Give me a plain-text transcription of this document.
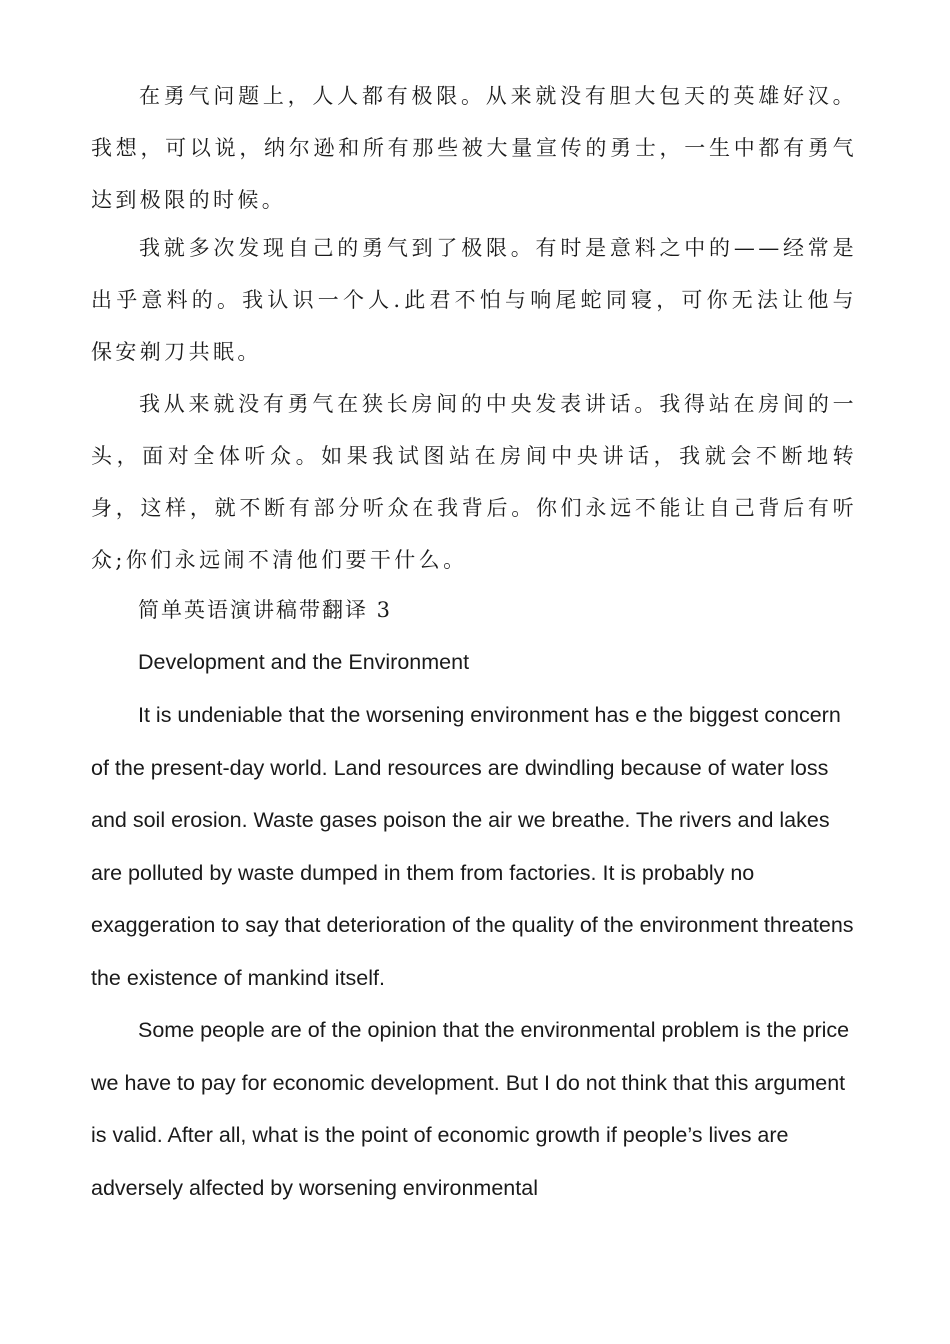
在勇气问题上，人人都有极限。从来就没有胆大包天的英雄好汉。我想，可以说，纳尔逊和所有那些被大量宣传的勇士，一生中都有勇气达到极限的时候。

我就多次发现自己的勇气到了极限。有时是意料之中的——经常是出乎意料的。我认识一个人.此君不怕与响尾蛇同寝，可你无法让他与保安剃刀共眠。

我从来就没有勇气在狭长房间的中央发表讲话。我得站在房间的一头，面对全体听众。如果我试图站在房间中央讲话，我就会不断地转身，这样，就不断有部分听众在我背后。你们永远不能让自己背后有听众;你们永远闹不清他们要干什么。

简单英语演讲稿带翻译 3

Development and the Environment

It is undeniable that the worsening environment has e the biggest concern of the present-day world. Land resources are dwindling because of water loss and soil erosion. Waste gases poison the air we breathe. The rivers and lakes are polluted by waste dumped in them from factories. It is probably no exaggeration to say that deterioration of the quality of the environment threatens the existence of mankind itself.

Some people are of the opinion that the environmental problem is the price we have to pay for economic development. But I do not think that this argument is valid. After all, what is the point of economic growth if people’s lives are adversely alfected by worsening environmental
